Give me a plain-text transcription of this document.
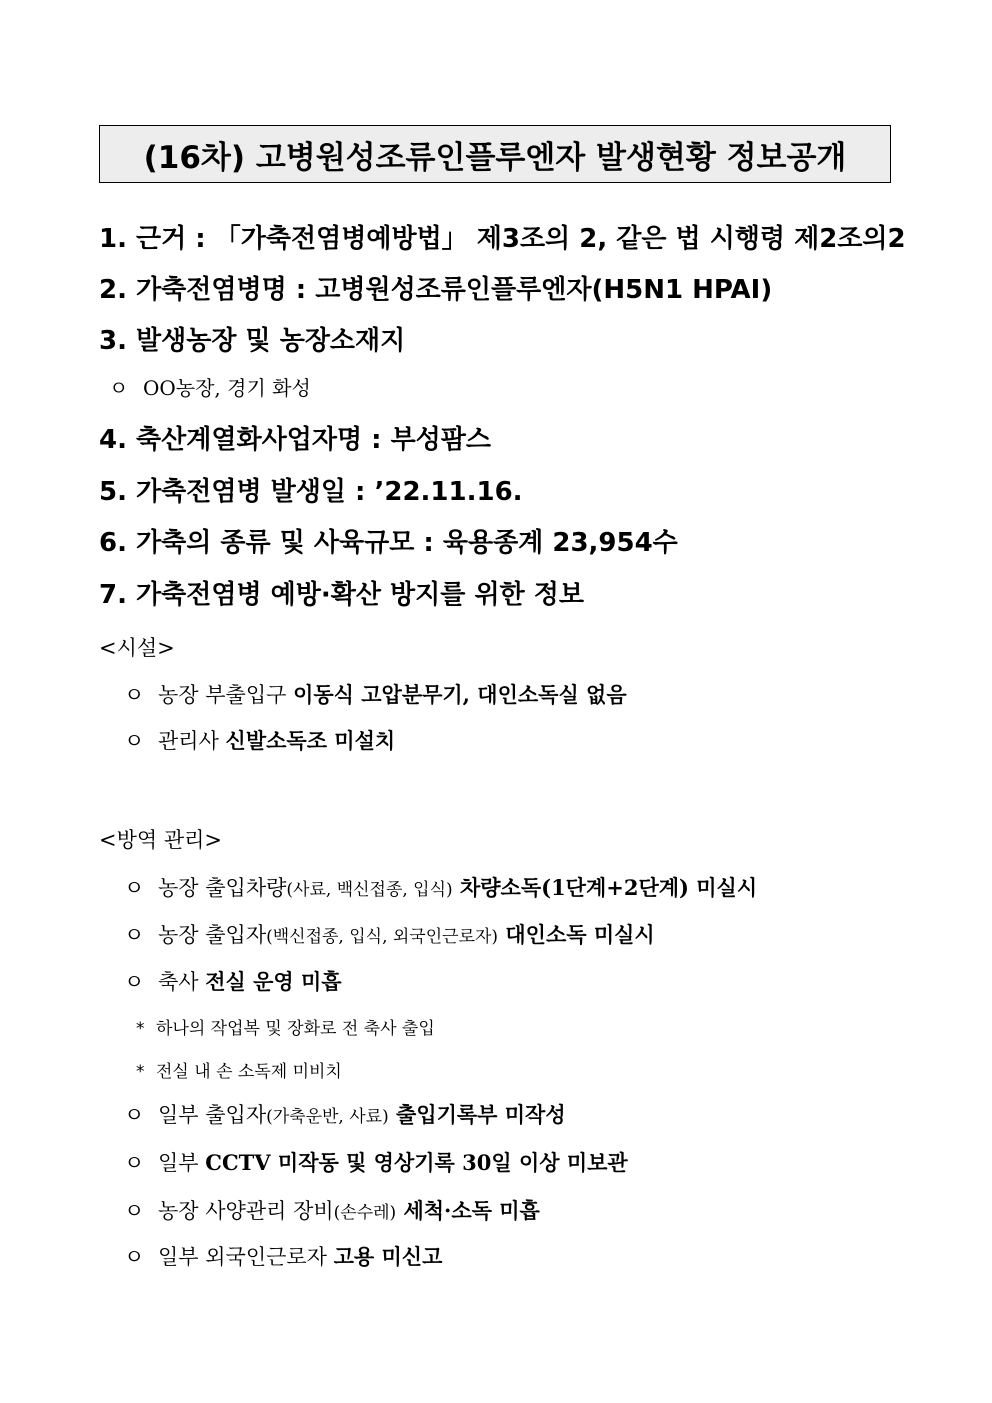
(16차) 고병원성조류인플루엔자 발생현황 정보공개
1. 근거 : 「가축전염병예방법」 제3조의 2, 같은 법 시행령 제2조의2
2. 가축전염병명 : 고병원성조류인플루엔자(H5N1 HPAI)
3. 발생농장 및 농장소재지
ㅇ OO농장, 경기 화성
4. 축산계열화사업자명 : 부성팜스
5. 가축전염병 발생일 : ’22.11.16.
6. 가축의 종류 및 사육규모 : 육용종계 23,954수
7. 가축전염병 예방·확산 방지를 위한 정보
<시설>
ㅇ 농장 부출입구 이동식 고압분무기, 대인소독실 없음
ㅇ 관리사 신발소독조 미설치
<방역 관리>
ㅇ 농장 출입차량(사료, 백신접종, 입식) 차량소독(1단계+2단계) 미실시
ㅇ 농장 출입자(백신접종, 입식, 외국인근로자) 대인소독 미실시
ㅇ 축사 전실 운영 미흡
* 하나의 작업복 및 장화로 전 축사 출입
* 전실 내 손 소독제 미비치
ㅇ 일부 출입자(가축운반, 사료) 출입기록부 미작성
ㅇ 일부 CCTV 미작동 및 영상기록 30일 이상 미보관
ㅇ 농장 사양관리 장비(손수레) 세척·소독 미흡
ㅇ 일부 외국인근로자 고용 미신고
